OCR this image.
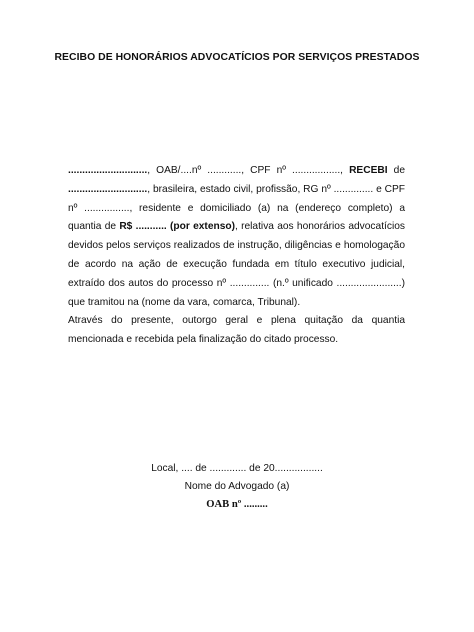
RECIBO DE HONORÁRIOS ADVOCATÍCIOS POR SERVIÇOS PRESTADOS

............................, OAB/....nº ............, CPF nº ................., RECEBI de ............................, brasileira, estado civil, profissão, RG nº .............. e CPF nº ................, residente e domiciliado (a) na (endereço completo) a quantia de R$ ........... (por extenso), relativa aos honorários advocatícios devidos pelos serviços realizados de instrução, diligências e homologação de acordo na ação de execução fundada em título executivo judicial, extraído dos autos do processo nº .............. (n.º unificado .......................) que tramitou na (nome da vara, comarca, Tribunal).

Através do presente, outorgo geral e plena quitação da quantia mencionada e recebida pela finalização do citado processo.

Local, .... de ............. de 20.................
Nome do Advogado (a)
OAB nº .........
